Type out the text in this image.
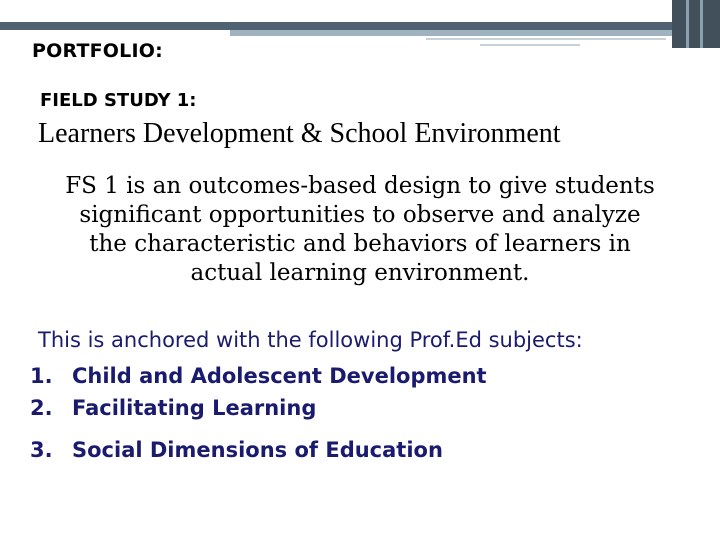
PORTFOLIO:
FIELD STUDY 1:
Learners Development & School Environment
FS 1 is an outcomes-based design to give students
significant opportunities to observe and analyze
the characteristic and behaviors of learners in
actual learning environment.
This is anchored with the following Prof.Ed subjects:
1. Child and Adolescent Development
2. Facilitating Learning
3. Social Dimensions of Education
